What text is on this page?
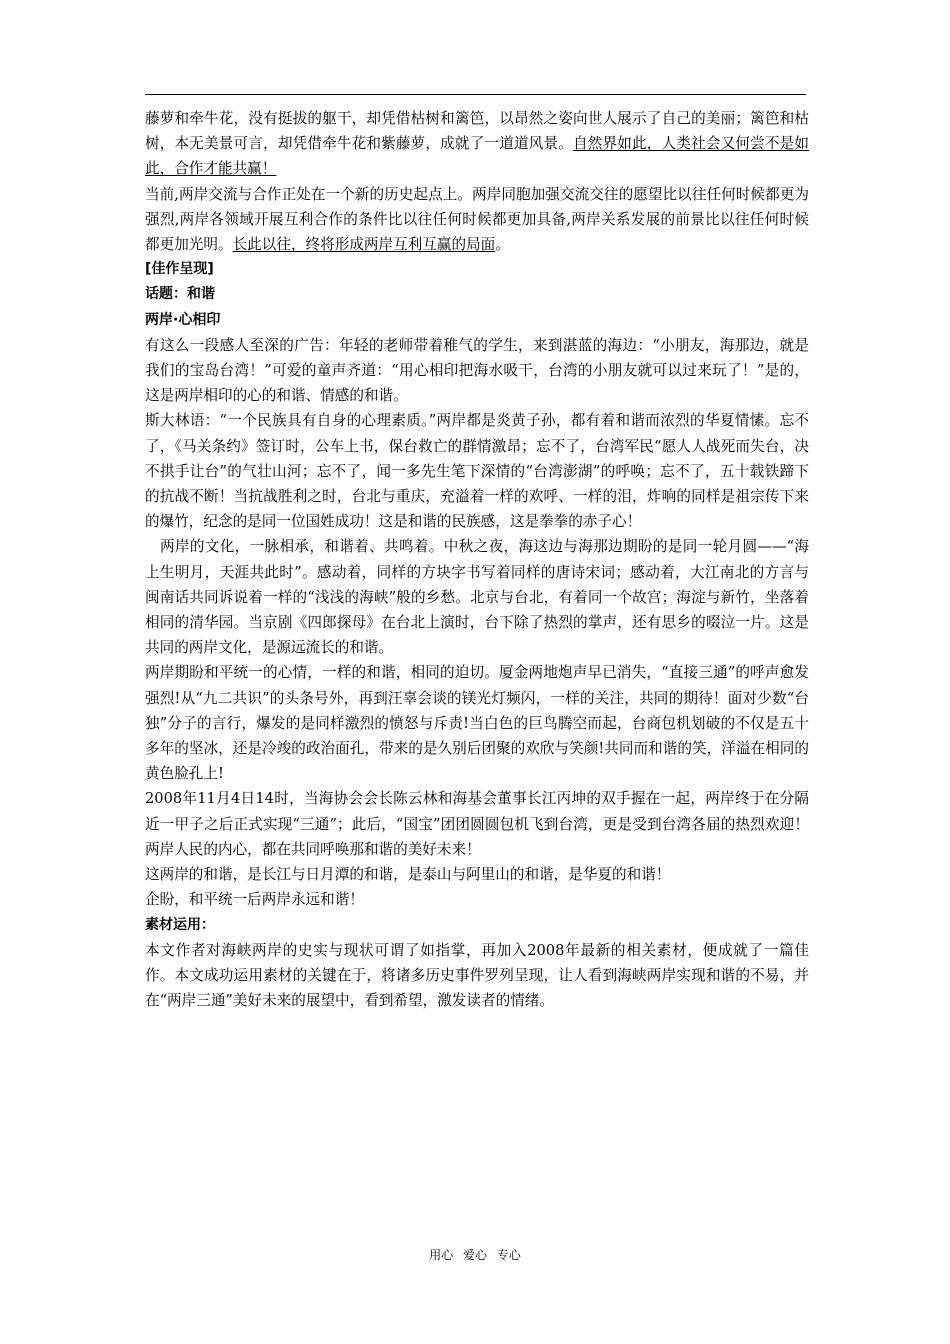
藤萝和牵牛花，没有挺拔的躯干，却凭借枯树和篱笆，以昂然之姿向世人展示了自己的美丽；篱笆和枯树，本无美景可言，却凭借牵牛花和紫藤萝，成就了一道道风景。自然界如此，人类社会又何尝不是如此，合作才能共赢！

当前,两岸交流与合作正处在一个新的历史起点上。两岸同胞加强交流交往的愿望比以往任何时候都更为强烈,两岸各领域开展互利合作的条件比以往任何时候都更加具备,两岸关系发展的前景比以往任何时候都更加光明。长此以往，终将形成两岸互利互赢的局面。

[佳作呈现]

话题：和谐

两岸·心相印

有这么一段感人至深的广告：年轻的老师带着稚气的学生，来到湛蓝的海边：“小朋友，海那边，就是我们的宝岛台湾！”可爱的童声齐道：“用心相印把海水吸干，台湾的小朋友就可以过来玩了！”是的，这是两岸相印的心的和谐、情感的和谐。

斯大林语：“一个民族具有自身的心理素质。”两岸都是炎黄子孙，都有着和谐而浓烈的华夏情愫。忘不了，《马关条约》签订时，公车上书，保台救亡的群情激昂；忘不了，台湾军民“愿人人战死而失台，决不拱手让台”的气壮山河；忘不了，闻一多先生笔下深情的“台湾澎湖”的呼唤；忘不了，五十载铁蹄下的抗战不断！当抗战胜利之时，台北与重庆，充溢着一样的欢呼、一样的泪，炸响的同样是祖宗传下来的爆竹，纪念的是同一位国姓成功！这是和谐的民族感，这是拳拳的赤子心！

两岸的文化，一脉相承，和谐着、共鸣着。中秋之夜，海这边与海那边期盼的是同一轮月圆——“海上生明月，天涯共此时”。感动着，同样的方块字书写着同样的唐诗宋词；感动着，大江南北的方言与闽南话共同诉说着一样的“浅浅的海峡”般的乡愁。北京与台北，有着同一个故宫；海淀与新竹，坐落着相同的清华园。当京剧《四郎探母》在台北上演时，台下除了热烈的掌声，还有思乡的啜泣一片。这是共同的两岸文化，是源远流长的和谐。

两岸期盼和平统一的心情，一样的和谐，相同的迫切。厦金两地炮声早已消失，“直接三通”的呼声愈发强烈!从“九二共识”的头条号外，再到汪辜会谈的镁光灯频闪，一样的关注，共同的期待！面对少数“台独”分子的言行，爆发的是同样激烈的愤怒与斥责!当白色的巨鸟腾空而起，台商包机划破的不仅是五十多年的坚冰，还是冷竣的政治面孔，带来的是久别后团聚的欢欣与笑颜!共同而和谐的笑，洋溢在相同的黄色脸孔上!

2008年11月4日14时，当海协会会长陈云林和海基会董事长江丙坤的双手握在一起，两岸终于在分隔近一甲子之后正式实现“三通”；此后，“国宝”团团圆圆包机飞到台湾，更是受到台湾各届的热烈欢迎！两岸人民的内心，都在共同呼唤那和谐的美好未来！

这两岸的和谐，是长江与日月潭的和谐，是泰山与阿里山的和谐，是华夏的和谐！

企盼，和平统一后两岸永远和谐！

素材运用：

本文作者对海峡两岸的史实与现状可谓了如指掌，再加入2008年最新的相关素材，便成就了一篇佳作。本文成功运用素材的关键在于，将诸多历史事件罗列呈现，让人看到海峡两岸实现和谐的不易，并在“两岸三通”美好未来的展望中，看到希望，激发读者的情绪。

用心 爱心 专心
